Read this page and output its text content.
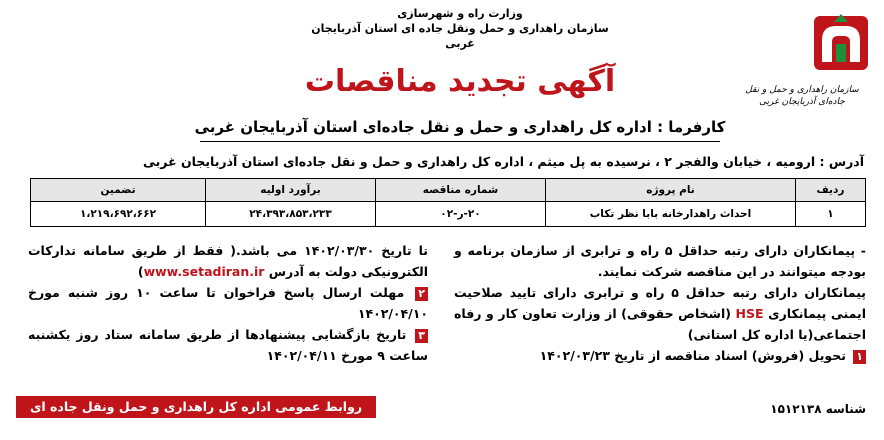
وزارت راه و شهرسازی
سازمان راهداری و حمل ونقل جاده ای استان آذربایجان غربی
سازمان راهداری و حمل و نقل جاده‌ای آذربایجان غربی
آگهی تجدید مناقصات
کارفرما : اداره کل راهداری و حمل و نقل جاده‌ای استان آذربایجان غربی
آدرس : ارومیه ، خیابان والفجر ۲ ، نرسیده به پل میثم ، اداره کل راهداری و حمل و نقل جاده‌ای استان آذربایجان غربی
ردیف	نام پروژه	شماره مناقصه	برآورد اولیه	تضمین
۱	احداث راهدارخانه بابا نظر تکاب	۲۰-ر-۰۲	۲۴،۳۹۳،۸۵۳،۲۳۳	۱،۲۱۹،۶۹۲،۶۶۲
- پیمانکاران دارای رتبه حداقل ۵ راه و ترابری از سازمان برنامه و بودجه میتوانند در این مناقصه شرکت نمایند.
پیمانکاران دارای رتبه حداقل ۵ راه و ترابری دارای تایید صلاحیت ایمنی پیمانکاری HSE (اشخاص حقوقی) از وزارت تعاون کار و رفاه اجتماعی(یا اداره کل استانی)
۱ تحویل (فروش) اسناد مناقصه از تاریخ ۱۴۰۲/۰۳/۲۳
تا تاریخ ۱۴۰۲/۰۳/۳۰ می باشد.( فقط از طریق سامانه تدارکات الکترونیکی دولت به آدرس www.setadiran.ir)
۲ مهلت ارسال پاسخ فراخوان تا ساعت ۱۰ روز شنبه مورخ ۱۴۰۲/۰۴/۱۰
۳ تاریخ بازگشایی پیشنهادها از طریق سامانه ستاد روز یکشنبه ساعت ۹ مورخ ۱۴۰۲/۰۴/۱۱
روابط عمومی اداره کل راهداری و حمل ونقل جاده ای آذربایجان غربی
شناسه ۱۵۱۲۱۳۸
